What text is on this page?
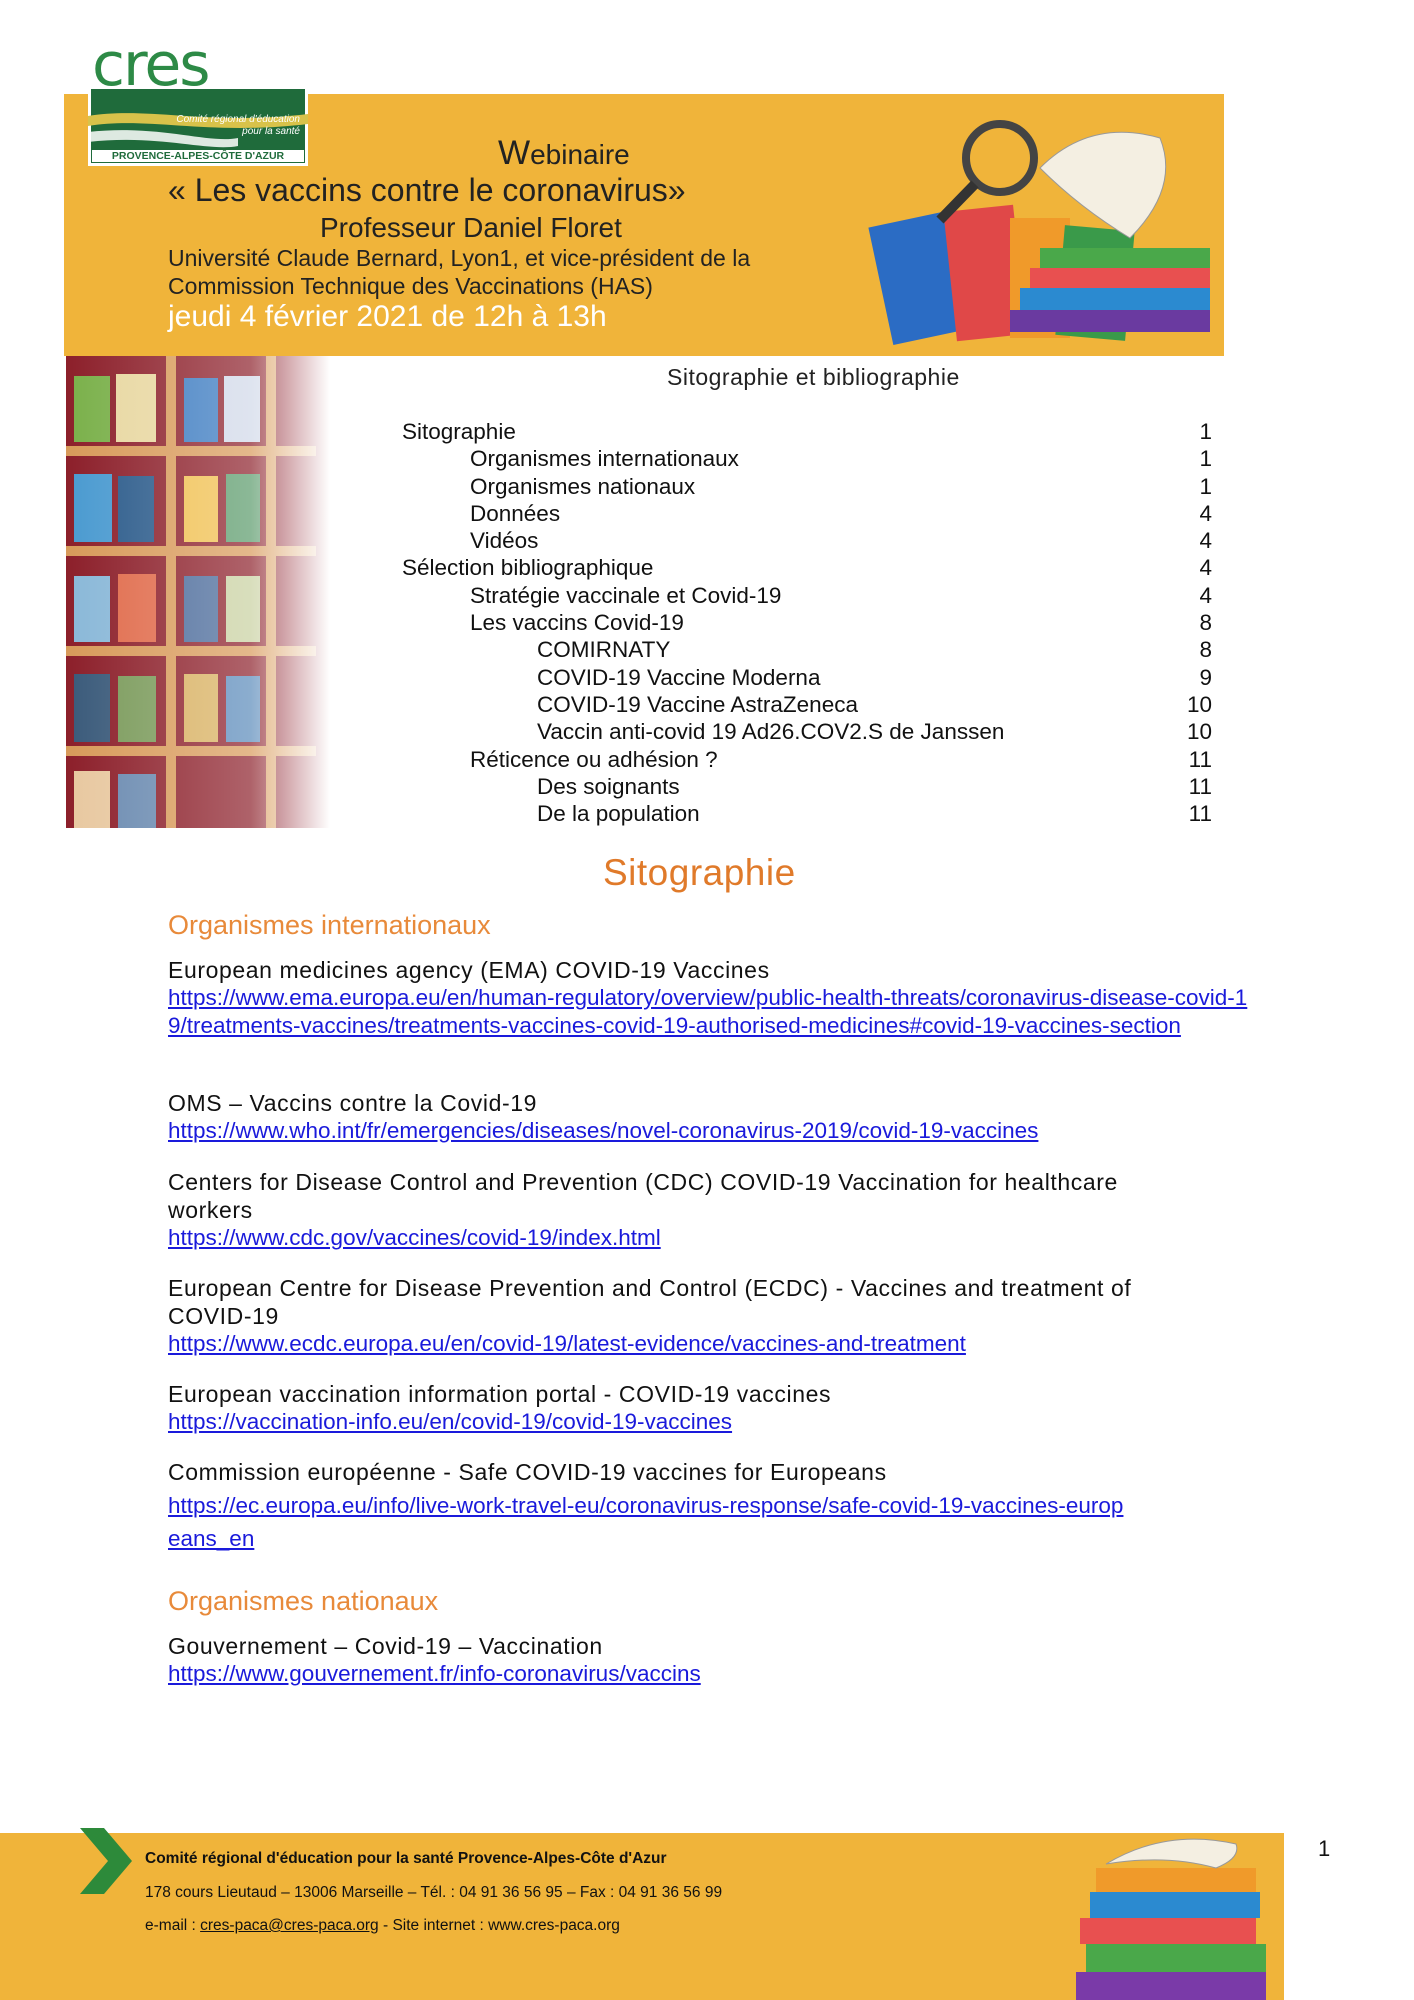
cres
Comité régional d'éducation pour la santé
PROVENCE-ALPES-CÔTE D'AZUR	Webinaire
« Les vaccins contre le coronavirus»
Professeur Daniel Floret
Université Claude Bernard, Lyon1, et vice-président de la
Commission Technique des Vaccinations (HAS)
jeudi 4 février 2021 de 12h à 13h
Sitographie et bibliographie
Sitographie	1
Organismes internationaux	1
Organismes nationaux	1
Données	4
Vidéos	4
Sélection bibliographique	4
Stratégie vaccinale et Covid-19	4
Les vaccins Covid-19	8
COMIRNATY	8
COVID-19 Vaccine Moderna	9
COVID-19 Vaccine AstraZeneca	10
Vaccin anti-covid 19 Ad26.COV2.S de Janssen	10
Réticence ou adhésion ?	11
Des soignants	11
De la population	11
Sitographie
Organismes internationaux
European medicines agency (EMA) COVID-19 Vaccines
https://www.ema.europa.eu/en/human-regulatory/overview/public-health-threats/coronavirus-disease-covid-19/treatments-vaccines/treatments-vaccines-covid-19-authorised-medicines#covid-19-vaccines-section
OMS – Vaccins contre la Covid-19
https://www.who.int/fr/emergencies/diseases/novel-coronavirus-2019/covid-19-vaccines
Centers for Disease Control and Prevention (CDC) COVID-19 Vaccination for healthcare workers
https://www.cdc.gov/vaccines/covid-19/index.html
European Centre for Disease Prevention and Control (ECDC) - Vaccines and treatment of COVID-19
https://www.ecdc.europa.eu/en/covid-19/latest-evidence/vaccines-and-treatment
European vaccination information portal - COVID-19 vaccines
https://vaccination-info.eu/en/covid-19/covid-19-vaccines
Commission européenne - Safe COVID-19 vaccines for Europeans
https://ec.europa.eu/info/live-work-travel-eu/coronavirus-response/safe-covid-19-vaccines-europeans_en
Organismes nationaux
Gouvernement – Covid-19 – Vaccination
https://www.gouvernement.fr/info-coronavirus/vaccins
Comité régional d'éducation pour la santé Provence-Alpes-Côte d'Azur
178 cours Lieutaud – 13006 Marseille – Tél. : 04 91 36 56 95 – Fax : 04 91 36 56 99
e-mail : cres-paca@cres-paca.org - Site internet : www.cres-paca.org
1
